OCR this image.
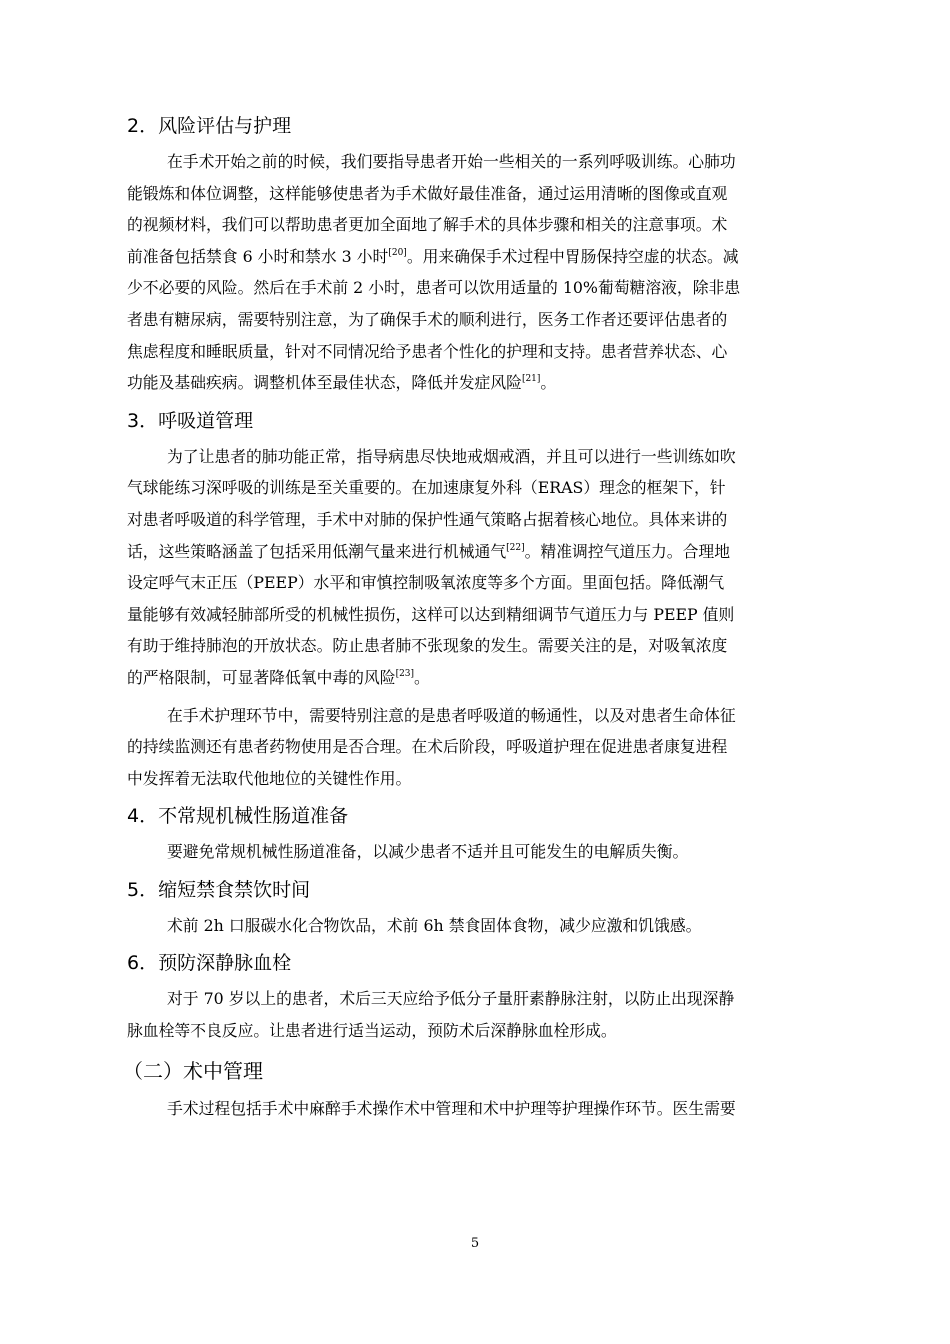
2．风险评估与护理
在手术开始之前的时候，我们要指导患者开始一些相关的一系列呼吸训练。心肺功
能锻炼和体位调整，这样能够使患者为手术做好最佳准备，通过运用清晰的图像或直观
的视频材料，我们可以帮助患者更加全面地了解手术的具体步骤和相关的注意事项。术
前准备包括禁食 6 小时和禁水 3 小时[20]。用来确保手术过程中胃肠保持空虚的状态。减
少不必要的风险。然后在手术前 2 小时，患者可以饮用适量的 10%葡萄糖溶液，除非患
者患有糖尿病，需要特别注意，为了确保手术的顺利进行，医务工作者还要评估患者的
焦虑程度和睡眠质量，针对不同情况给予患者个性化的护理和支持。患者营养状态、心
功能及基础疾病。调整机体至最佳状态，降低并发症风险[21]。
3．呼吸道管理
为了让患者的肺功能正常，指导病患尽快地戒烟戒酒，并且可以进行一些训练如吹
气球能练习深呼吸的训练是至关重要的。在加速康复外科（ERAS）理念的框架下，针
对患者呼吸道的科学管理，手术中对肺的保护性通气策略占据着核心地位。具体来讲的
话，这些策略涵盖了包括采用低潮气量来进行机械通气[22]。精准调控气道压力。合理地
设定呼气末正压（PEEP）水平和审慎控制吸氧浓度等多个方面。里面包括。降低潮气
量能够有效减轻肺部所受的机械性损伤，这样可以达到精细调节气道压力与 PEEP 值则
有助于维持肺泡的开放状态。防止患者肺不张现象的发生。需要关注的是，对吸氧浓度
的严格限制，可显著降低氧中毒的风险[23]。
在手术护理环节中，需要特别注意的是患者呼吸道的畅通性，以及对患者生命体征
的持续监测还有患者药物使用是否合理。在术后阶段，呼吸道护理在促进患者康复进程
中发挥着无法取代他地位的关键性作用。
4．不常规机械性肠道准备
要避免常规机械性肠道准备，以减少患者不适并且可能发生的电解质失衡。
5．缩短禁食禁饮时间
术前 2h 口服碳水化合物饮品，术前 6h 禁食固体食物，减少应激和饥饿感。
6．预防深静脉血栓
对于 70 岁以上的患者，术后三天应给予低分子量肝素静脉注射，以防止出现深静
脉血栓等不良反应。让患者进行适当运动，预防术后深静脉血栓形成。
（二）术中管理
手术过程包括手术中麻醉手术操作术中管理和术中护理等护理操作环节。医生需要
5
